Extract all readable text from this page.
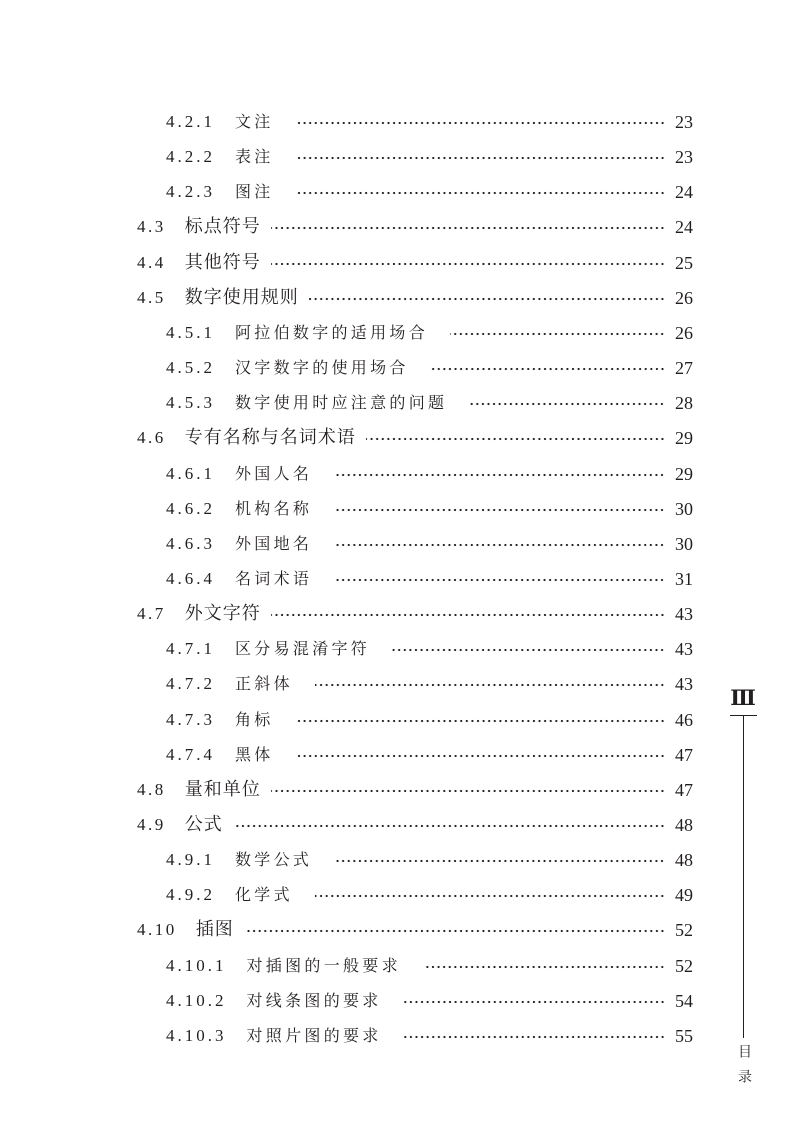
4.2.1 文注	23
4.2.2 表注	23
4.2.3 图注	24
4.3 标点符号	24
4.4 其他符号	25
4.5 数字使用规则	26
4.5.1 阿拉伯数字的适用场合	26
4.5.2 汉字数字的使用场合	27
4.5.3 数字使用时应注意的问题	28
4.6 专有名称与名词术语	29
4.6.1 外国人名	29
4.6.2 机构名称	30
4.6.3 外国地名	30
4.6.4 名词术语	31
4.7 外文字符	43
4.7.1 区分易混淆字符	43
4.7.2 正斜体	43
4.7.3 角标	46
4.7.4 黑体	47
4.8 量和单位	47
4.9 公式	48
4.9.1 数学公式	48
4.9.2 化学式	49
4.10 插图	52
4.10.1 对插图的一般要求	52
4.10.2 对线条图的要求	54
4.10.3 对照片图的要求	55
Ⅲ
目录
